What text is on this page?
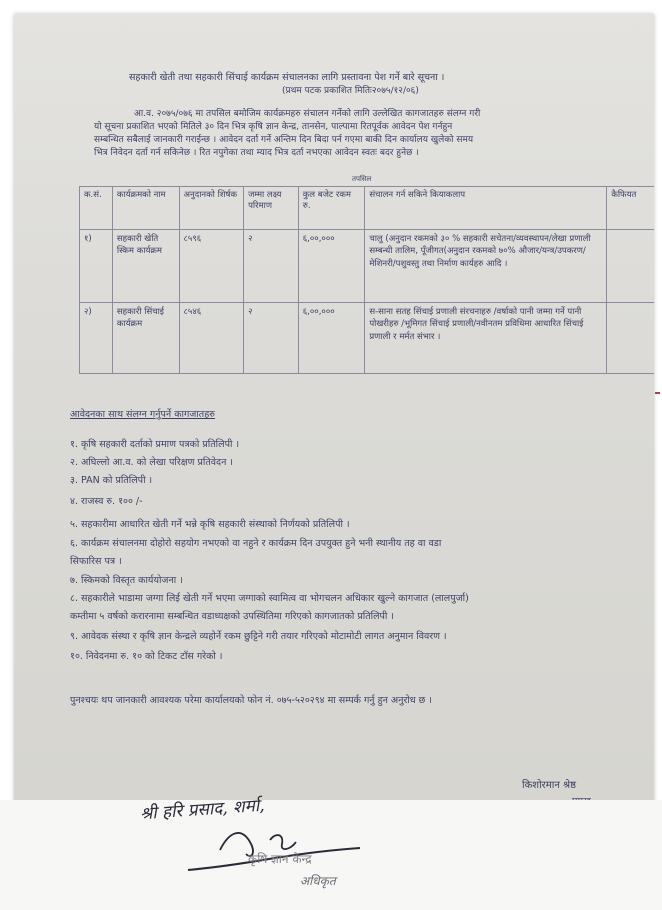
सहकारी खेती तथा सहकारी सिंचाई कार्यक्रम संचालनका लागि प्रस्तावना पेश गर्ने बारे सूचना ।
(प्रथम पटक प्रकाशित मितिः२०७५/१२/०६)
आ.व. २०७५/०७६ मा तपसिल बमोजिम कार्यक्रमहरु संचालन गर्नेको लागि उल्लेखित कागजातहरु संलग्न गरी
यो सूचना प्रकाशित भएको मितिले ३० दिन भित्र कृषि ज्ञान केन्द्र, तानसेन, पाल्पामा रितपूर्वक आवेदन पेश गर्नहुन
सम्बन्धित सबैलाई जानकारी गराईन्छ । आवेदन दर्ता गर्ने अन्तिम दिन बिदा पर्न गएमा बाकी दिन कार्यालय खुलेको समय
भित्र निवेदन दर्ता गर्न सकिनेछ । रित नपुगेका तथा म्याद भित्र दर्ता नभएका आवेदन स्वतः बदर हुनेछ ।
तपसिल
क.सं.	कार्यक्रमको नाम	अनुदानको शिर्षक	जम्मा लक्ष्य परिमाण	कुल बजेट रकम रु.	संचालन गर्न सकिने कियाकलाप	कैफियत
१)	सहकारी खेति स्किम कार्यक्रम	८५९६	२	६,००,०००	चालु (अनुदान रकमको ३० % सहकारी सचेतना/व्यवस्थापन/लेखा प्रणाली सम्बन्धी तालिम, पूँजीगत(अनुदान रकमको ७०% औजार/यन्त्र/उपकरण/मेशिनरी/पशुवस्तु तथा निर्माण कार्यहरु आदि ।	
२)	सहकारी सिंचाई कार्यक्रम	८५४६	२	६,००,०००	स-साना सतह सिंचाई प्रणाली संरचनाहरु /वर्षाको पानी जम्मा गर्ने पानी पोखरीहरु /भूमिगत सिंचाई प्रणाली/नवीनतम प्रविधिमा आधारित सिंचाई प्रणाली र मर्मत संभार ।	
आवेदनका साथ संलग्न गर्नुपर्ने कागजातहरु
१. कृषि सहकारी दर्ताको प्रमाण पत्रको प्रतिलिपी ।
२. अघिल्लो आ.व. को लेखा परिक्षण प्रतिवेदन ।
३. PAN को प्रतिलिपी ।
४. राजस्व रु. १०० /-
५. सहकारीमा आधारित खेती गर्ने भन्ने कृषि सहकारी संस्थाको निर्णयको प्रतिलिपी ।
६. कार्यक्रम संचालनमा दोहोरो सहयोग नभएको वा नहुने र कार्यक्रम दिन उपयुक्त हुने भनी स्थानीय तह वा वडा
सिफारिस पत्र ।
७. स्किमको विस्तृत कार्ययोजना ।
८. सहकारीले भाडामा जग्गा लिई खेती गर्ने भएमा जग्गाको स्वामित्व वा भोगचलन अधिकार खुल्ने कागजात (लालपुर्जा)
कम्तीमा ५ वर्षको करारनामा सम्बन्धित वडाध्यक्षको उपस्थितिमा गरिएको कागजातको प्रतिलिपी ।
९. आवेदक संस्था र कृषि ज्ञान केन्द्रले व्यहोर्ने रकम छुट्टिने गरी तयार गरिएको मोटामोटी लागत अनुमान विवरण ।
१०. निवेदनमा रु. १० को टिकट टाँस गरेको ।
पुनश्चयः थप जानकारी आवश्यक परेमा कार्यालयको फोन नं. ०७५-५२०२९४ मा सम्पर्क गर्नु हुन अनुरोध छ ।
किशोरमान श्रेष्ठ
श्री हरि प्रसाद, शर्मा,
कृषि ज्ञान केन्द्र
अधिकृत
